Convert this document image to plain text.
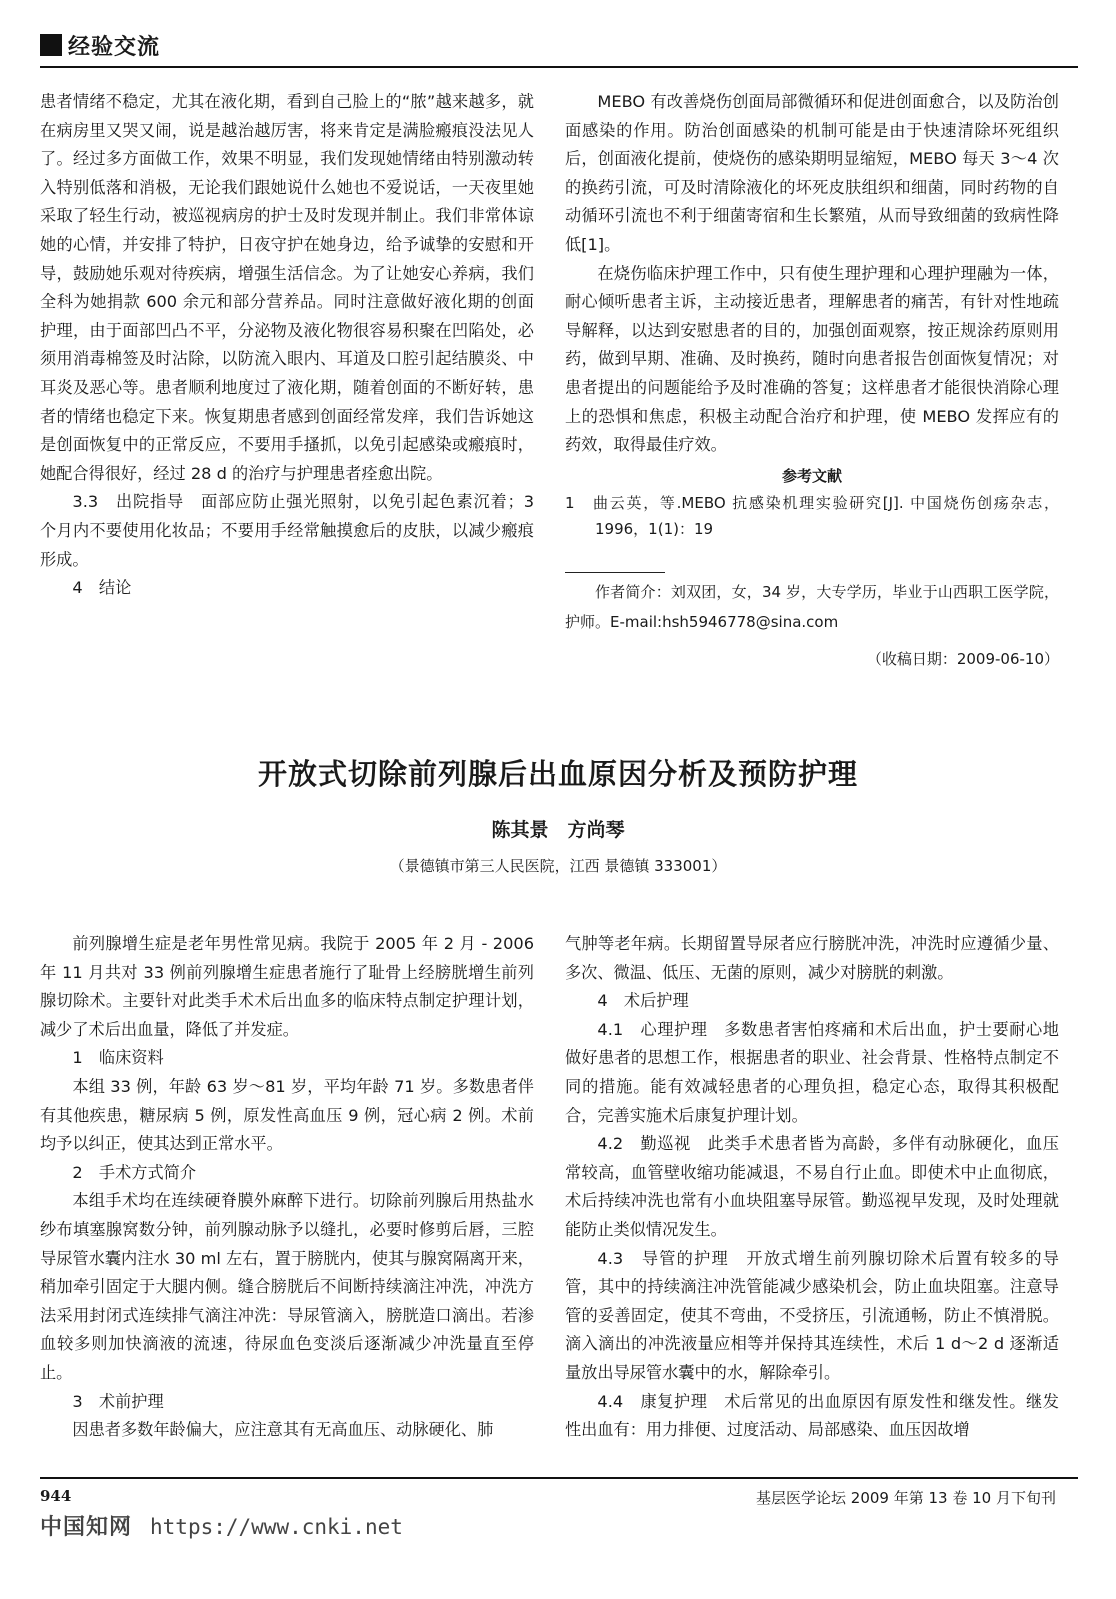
经验交流

患者情绪不稳定，尤其在液化期，看到自己脸上的“脓”越来越多，就在病房里又哭又闹，说是越治越厉害，将来肯定是满脸瘢痕没法见人了。经过多方面做工作，效果不明显，我们发现她情绪由特别激动转入特别低落和消极，无论我们跟她说什么她也不爱说话，一天夜里她采取了轻生行动，被巡视病房的护士及时发现并制止。我们非常体谅她的心情，并安排了特护，日夜守护在她身边，给予诚挚的安慰和开导，鼓励她乐观对待疾病，增强生活信念。为了让她安心养病，我们全科为她捐款 600 余元和部分营养品。同时注意做好液化期的创面护理，由于面部凹凸不平，分泌物及液化物很容易积聚在凹陷处，必须用消毒棉签及时沾除，以防流入眼内、耳道及口腔引起结膜炎、中耳炎及恶心等。患者顺利地度过了液化期，随着创面的不断好转，患者的情绪也稳定下来。恢复期患者感到创面经常发痒，我们告诉她这是创面恢复中的正常反应，不要用手搔抓，以免引起感染或瘢痕时，她配合得很好，经过 28 d 的治疗与护理患者痊愈出院。

3.3　出院指导　面部应防止强光照射，以免引起色素沉着；3 个月内不要使用化妆品；不要用手经常触摸愈后的皮肤，以减少瘢痕形成。

4　结论

MEBO 有改善烧伤创面局部微循环和促进创面愈合，以及防治创面感染的作用。防治创面感染的机制可能是由于快速清除坏死组织后，创面液化提前，使烧伤的感染期明显缩短，MEBO 每天 3～4 次的换药引流，可及时清除液化的坏死皮肤组织和细菌，同时药物的自动循环引流也不利于细菌寄宿和生长繁殖，从而导致细菌的致病性降低[1]。

在烧伤临床护理工作中，只有使生理护理和心理护理融为一体，耐心倾听患者主诉，主动接近患者，理解患者的痛苦，有针对性地疏导解释，以达到安慰患者的目的，加强创面观察，按正规涂药原则用药，做到早期、准确、及时换药，随时向患者报告创面恢复情况；对患者提出的问题能给予及时准确的答复；这样患者才能很快消除心理上的恐惧和焦虑，积极主动配合治疗和护理，使 MEBO 发挥应有的药效，取得最佳疗效。

参考文献
1　曲云英，等.MEBO 抗感染机理实验研究[J]. 中国烧伤创疡杂志，1996，1(1)：19
作者简介：刘双团，女，34 岁，大专学历，毕业于山西职工医学院，护师。E-mail:hsh5946778@sina.com
（收稿日期：2009-06-10）
开放式切除前列腺后出血原因分析及预防护理
陈其景　方尚琴
（景德镇市第三人民医院，江西 景德镇 333001）

前列腺增生症是老年男性常见病。我院于 2005 年 2 月 - 2006 年 11 月共对 33 例前列腺增生症患者施行了耻骨上经膀胱增生前列腺切除术。主要针对此类手术术后出血多的临床特点制定护理计划，减少了术后出血量，降低了并发症。

1　临床资料

本组 33 例，年龄 63 岁～81 岁，平均年龄 71 岁。多数患者伴有其他疾患，糖尿病 5 例，原发性高血压 9 例，冠心病 2 例。术前均予以纠正，使其达到正常水平。

2　手术方式简介

本组手术均在连续硬脊膜外麻醉下进行。切除前列腺后用热盐水纱布填塞腺窝数分钟，前列腺动脉予以缝扎，必要时修剪后唇，三腔导尿管水囊内注水 30 ml 左右，置于膀胱内，使其与腺窝隔离开来，稍加牵引固定于大腿内侧。缝合膀胱后不间断持续滴注冲洗，冲洗方法采用封闭式连续排气滴注冲洗：导尿管滴入，膀胱造口滴出。若渗血较多则加快滴液的流速，待尿血色变淡后逐渐减少冲洗量直至停止。

3　术前护理

因患者多数年龄偏大，应注意其有无高血压、动脉硬化、肺

气肿等老年病。长期留置导尿者应行膀胱冲洗，冲洗时应遵循少量、多次、微温、低压、无菌的原则，减少对膀胱的刺激。

4　术后护理

4.1　心理护理　多数患者害怕疼痛和术后出血，护士要耐心地做好患者的思想工作，根据患者的职业、社会背景、性格特点制定不同的措施。能有效减轻患者的心理负担，稳定心态，取得其积极配合，完善实施术后康复护理计划。

4.2　勤巡视　此类手术患者皆为高龄，多伴有动脉硬化，血压常较高，血管壁收缩功能减退，不易自行止血。即使术中止血彻底，术后持续冲洗也常有小血块阻塞导尿管。勤巡视早发现，及时处理就能防止类似情况发生。

4.3　导管的护理　开放式增生前列腺切除术后置有较多的导管，其中的持续滴注冲洗管能减少感染机会，防止血块阻塞。注意导管的妥善固定，使其不弯曲，不受挤压，引流通畅，防止不慎滑脱。滴入滴出的冲洗液量应相等并保持其连续性，术后 1 d～2 d 逐渐适量放出导尿管水囊中的水，解除牵引。

4.4　康复护理　术后常见的出血原因有原发性和继发性。继发性出血有：用力排便、过度活动、局部感染、血压因故增

944	基层医学论坛 2009 年第 13 卷 10 月下旬刊
中国知网 https://www.cnki.net
